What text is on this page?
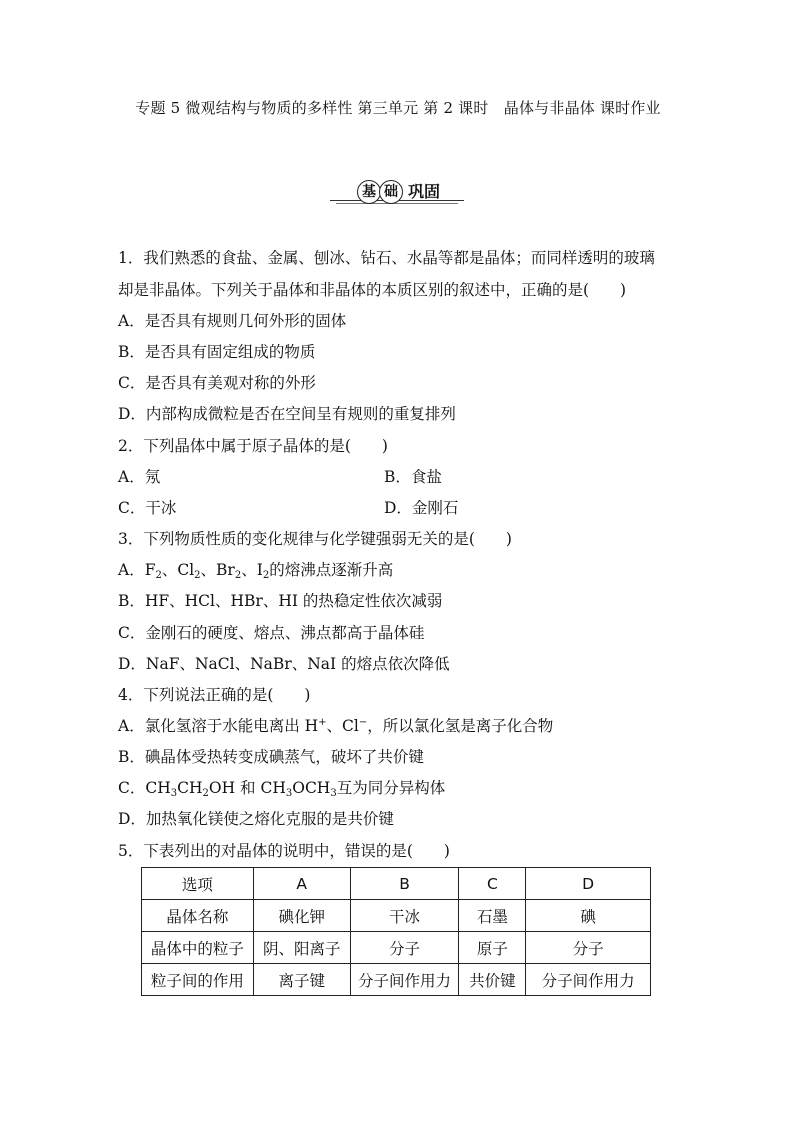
专题 5 微观结构与物质的多样性 第三单元 第 2 课时　晶体与非晶体 课时作业
基 础 巩固
1．我们熟悉的食盐、金属、刨冰、钻石、水晶等都是晶体；而同样透明的玻璃
却是非晶体。下列关于晶体和非晶体的本质区别的叙述中，正确的是(　　)
A．是否具有规则几何外形的固体
B．是否具有固定组成的物质
C．是否具有美观对称的外形
D．内部构成微粒是否在空间呈有规则的重复排列
2．下列晶体中属于原子晶体的是(　　)
A．氖	B．食盐
C．干冰	D．金刚石
3．下列物质性质的变化规律与化学键强弱无关的是(　　)
A．$F_2$、$Cl_2$、$Br_2$、$I_2$的熔沸点逐渐升高
B．HF、HCl、HBr、HI 的热稳定性依次减弱
C．金刚石的硬度、熔点、沸点都高于晶体硅
D．NaF、NaCl、NaBr、NaI 的熔点依次降低
4．下列说法正确的是(　　)
A．氯化氢溶于水能电离出 H+、Cl−，所以氯化氢是离子化合物
B．碘晶体受热转变成碘蒸气，破坏了共价键
C．$CH_3CH_2OH$ 和 $CH_3OCH_3$互为同分异构体
D．加热氧化镁使之熔化克服的是共价键
5．下表列出的对晶体的说明中，错误的是(　　)
选项	A	B	C	D
晶体名称	碘化钾	干冰	石墨	碘
晶体中的粒子	阴、阳离子	分子	原子	分子
粒子间的作用	离子键	分子间作用力	共价键	分子间作用力
